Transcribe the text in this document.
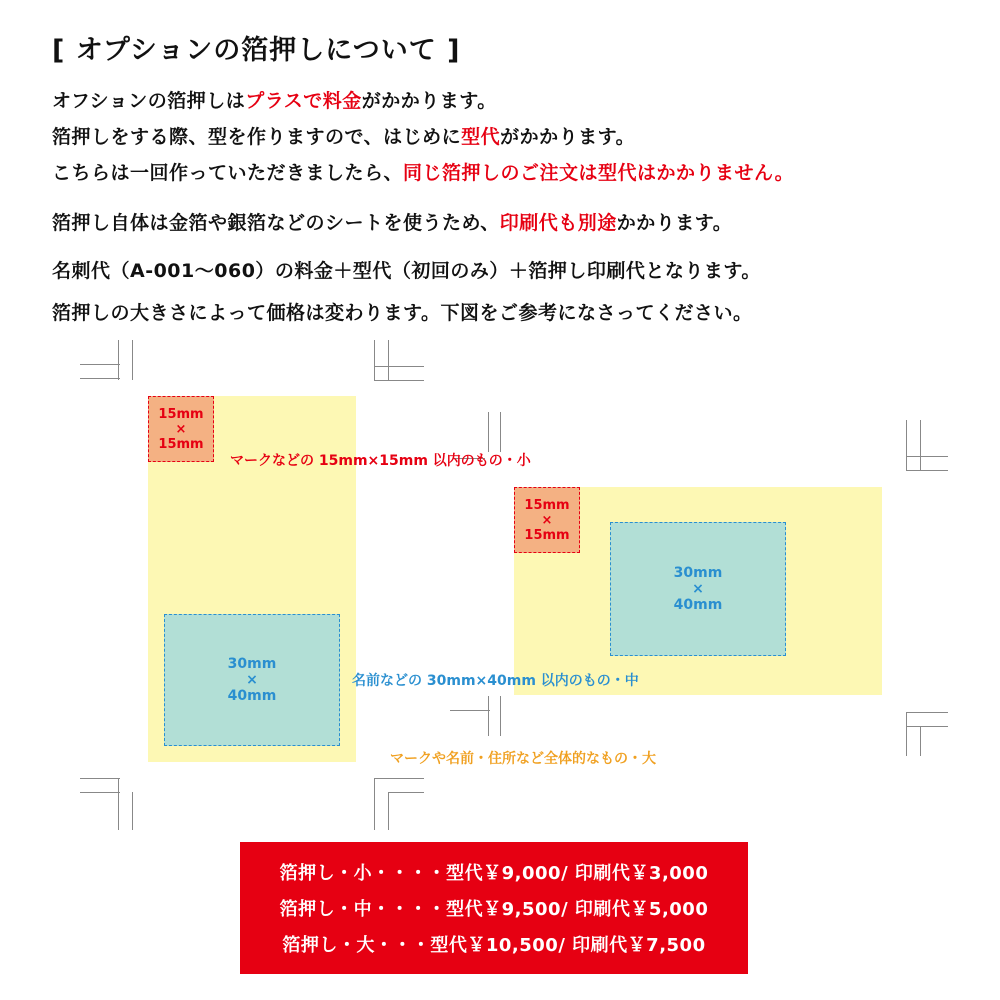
[ オプションの箔押しについて ]
オフションの箔押しはプラスで料金がかかります。
箔押しをする際、型を作りますので、はじめに型代がかかります。
こちらは一回作っていただきましたら、同じ箔押しのご注文は型代はかかりません。
箔押し自体は金箔や銀箔などのシートを使うため、印刷代も別途かかります。
名刺代（A-001～060）の料金＋型代（初回のみ）＋箔押し印刷代となります。
箔押しの大きさによって価格は変わります。下図をご参考になさってください。
15mm
×
15mm
30mm
×
40mm
15mm
×
15mm
30mm
×
40mm
マークなどの 15mm×15mm 以内のもの・小
名前などの 30mm×40mm 以内のもの・中
マークや名前・住所など全体的なもの・大
箔押し・小・・・・型代￥9,000/ 印刷代￥3,000
箔押し・中・・・・型代￥9,500/ 印刷代￥5,000
箔押し・大・・・型代￥10,500/ 印刷代￥7,500
